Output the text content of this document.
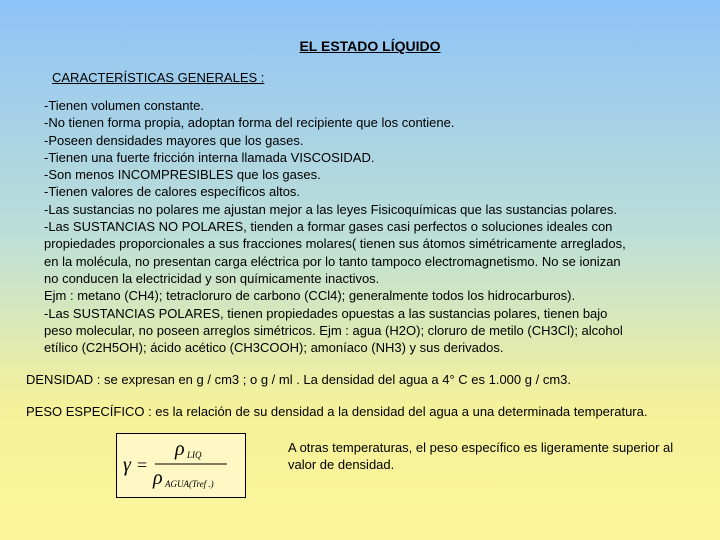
EL ESTADO LÍQUIDO
CARACTERÍSTICAS GENERALES :
-Tienen volumen constante.
-No tienen forma propia, adoptan forma del recipiente que los contiene.
-Poseen densidades mayores que los gases.
-Tienen una fuerte fricción interna llamada VISCOSIDAD.
-Son menos INCOMPRESIBLES que los gases.
-Tienen valores de calores específicos altos.
-Las sustancias no polares me ajustan mejor a las leyes Fisicoquímicas que las sustancias polares.
-Las SUSTANCIAS NO POLARES, tienden a formar gases casi perfectos o soluciones ideales con
propiedades proporcionales a sus fracciones molares( tienen sus átomos simétricamente arreglados,
en la molécula, no presentan carga eléctrica por lo tanto tampoco electromagnetismo. No se ionizan
no conducen la electricidad y son químicamente inactivos.
Ejm : metano (CH4); tetracloruro de carbono (CCl4); generalmente todos los hidrocarburos).
-Las SUSTANCIAS POLARES, tienen propiedades opuestas a las sustancias polares, tienen bajo
peso molecular, no poseen arreglos simétricos. Ejm : agua (H2O); cloruro de metilo (CH3Cl); alcohol
etílico (C2H5OH); ácido acético (CH3COOH); amoníaco (NH3) y sus derivados.
DENSIDAD : se expresan en g / cm3 ; o g / ml . La densidad del agua a 4° C es 1.000 g / cm3.
PESO ESPECÍFICO : es la relación de su densidad a la densidad del agua a una determinada temperatura.
γ =
ρ LIQ
ρ AGUA(Tref .)
A otras temperaturas, el peso específico es ligeramente superior al valor de densidad.
